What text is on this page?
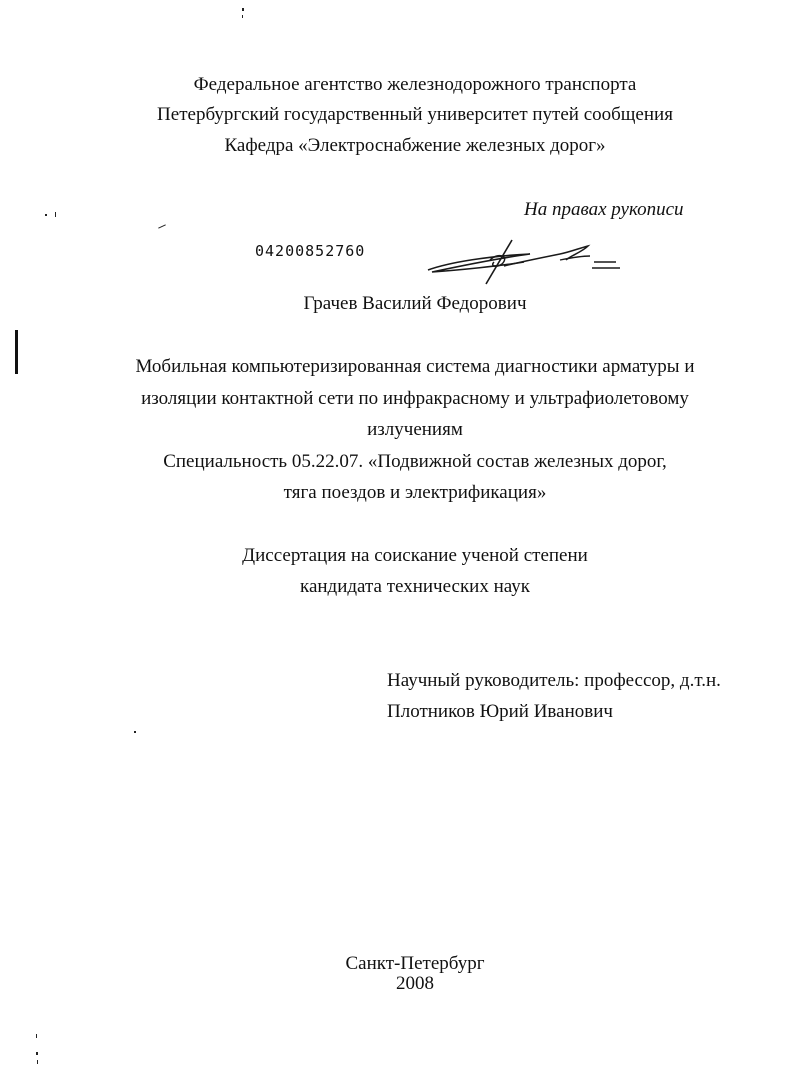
Федеральное агентство железнодорожного транспорта
Петербургский государственный университет путей сообщения
Кафедра «Электроснабжение железных дорог»
На правах рукописи
04200852760
Грачев Василий Федорович
Мобильная компьютеризированная система диагностики арматуры и
изоляции контактной сети по инфракрасному и ультрафиолетовому
излучениям
Специальность 05.22.07. «Подвижной состав железных дорог,
тяга поездов и электрификация»
Диссертация на соискание ученой степени
кандидата технических наук
Научный руководитель: профессор, д.т.н.
Плотников Юрий Иванович
Санкт-Петербург
2008
